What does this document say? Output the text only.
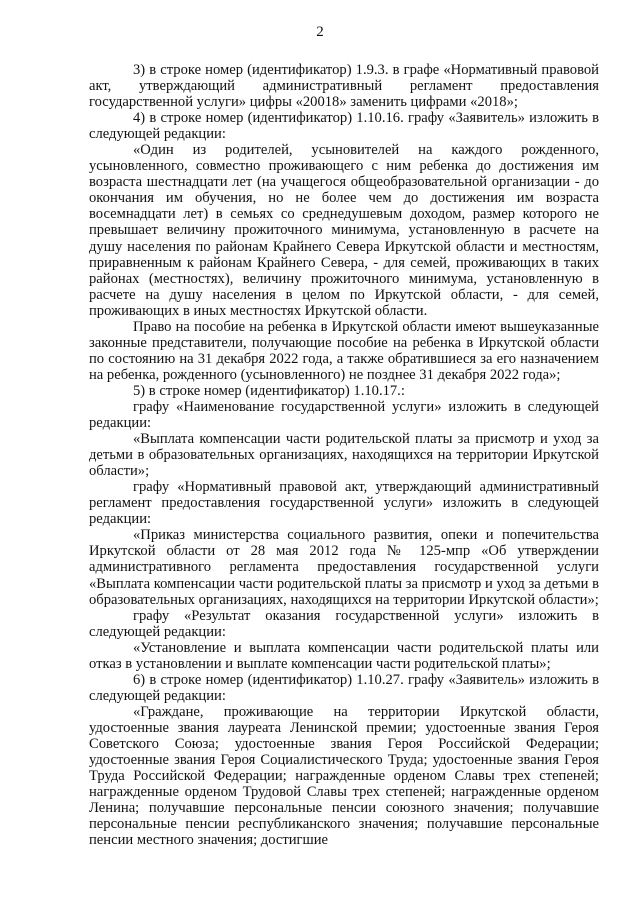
2

3) в строке номер (идентификатор) 1.9.3. в графе «Нормативный правовой акт, утверждающий административный регламент предоставления государственной услуги» цифры «20018» заменить цифрами «2018»;

4) в строке номер (идентификатор) 1.10.16. графу «Заявитель» изложить в следующей редакции:

«Один из родителей, усыновителей на каждого рожденного, усыновленного, совместно проживающего с ним ребенка до достижения им возраста шестнадцати лет (на учащегося общеобразовательной организации - до окончания им обучения, но не более чем до достижения им возраста восемнадцати лет) в семьях со среднедушевым доходом, размер которого не превышает величину прожиточного минимума, установленную в расчете на душу населения по районам Крайнего Севера Иркутской области и местностям, приравненным к районам Крайнего Севера, - для семей, проживающих в таких районах (местностях), величину прожиточного минимума, установленную в расчете на душу населения в целом по Иркутской области, - для семей, проживающих в иных местностях Иркутской области.

Право на пособие на ребенка в Иркутской области имеют вышеуказанные законные представители, получающие пособие на ребенка в Иркутской области по состоянию на 31 декабря 2022 года, а также обратившиеся за его назначением на ребенка, рожденного (усыновленного) не позднее 31 декабря 2022 года»;

5) в строке номер (идентификатор) 1.10.17.:

графу «Наименование государственной услуги» изложить в следующей редакции:

«Выплата компенсации части родительской платы за присмотр и уход за детьми в образовательных организациях, находящихся на территории Иркутской области»;

графу «Нормативный правовой акт, утверждающий административный регламент предоставления государственной услуги» изложить в следующей редакции:

«Приказ министерства социального развития, опеки и попечительства Иркутской области от 28 мая 2012 года № 125-мпр «Об утверждении административного регламента предоставления государственной услуги «Выплата компенсации части родительской платы за присмотр и уход за детьми в образовательных организациях, находящихся на территории Иркутской области»;

графу «Результат оказания государственной услуги» изложить в следующей редакции:

«Установление и выплата компенсации части родительской платы или отказ в установлении и выплате компенсации части родительской платы»;

6) в строке номер (идентификатор) 1.10.27. графу «Заявитель» изложить в следующей редакции:

«Граждане, проживающие на территории Иркутской области, удостоенные звания лауреата Ленинской премии; удостоенные звания Героя Советского Союза; удостоенные звания Героя Российской Федерации; удостоенные звания Героя Социалистического Труда; удостоенные звания Героя Труда Российской Федерации; награжденные орденом Славы трех степеней; награжденные орденом Трудовой Славы трех степеней; награжденные орденом Ленина; получавшие персональные пенсии союзного значения; получавшие персональные пенсии республиканского значения; получавшие персональные пенсии местного значения; достигшие
